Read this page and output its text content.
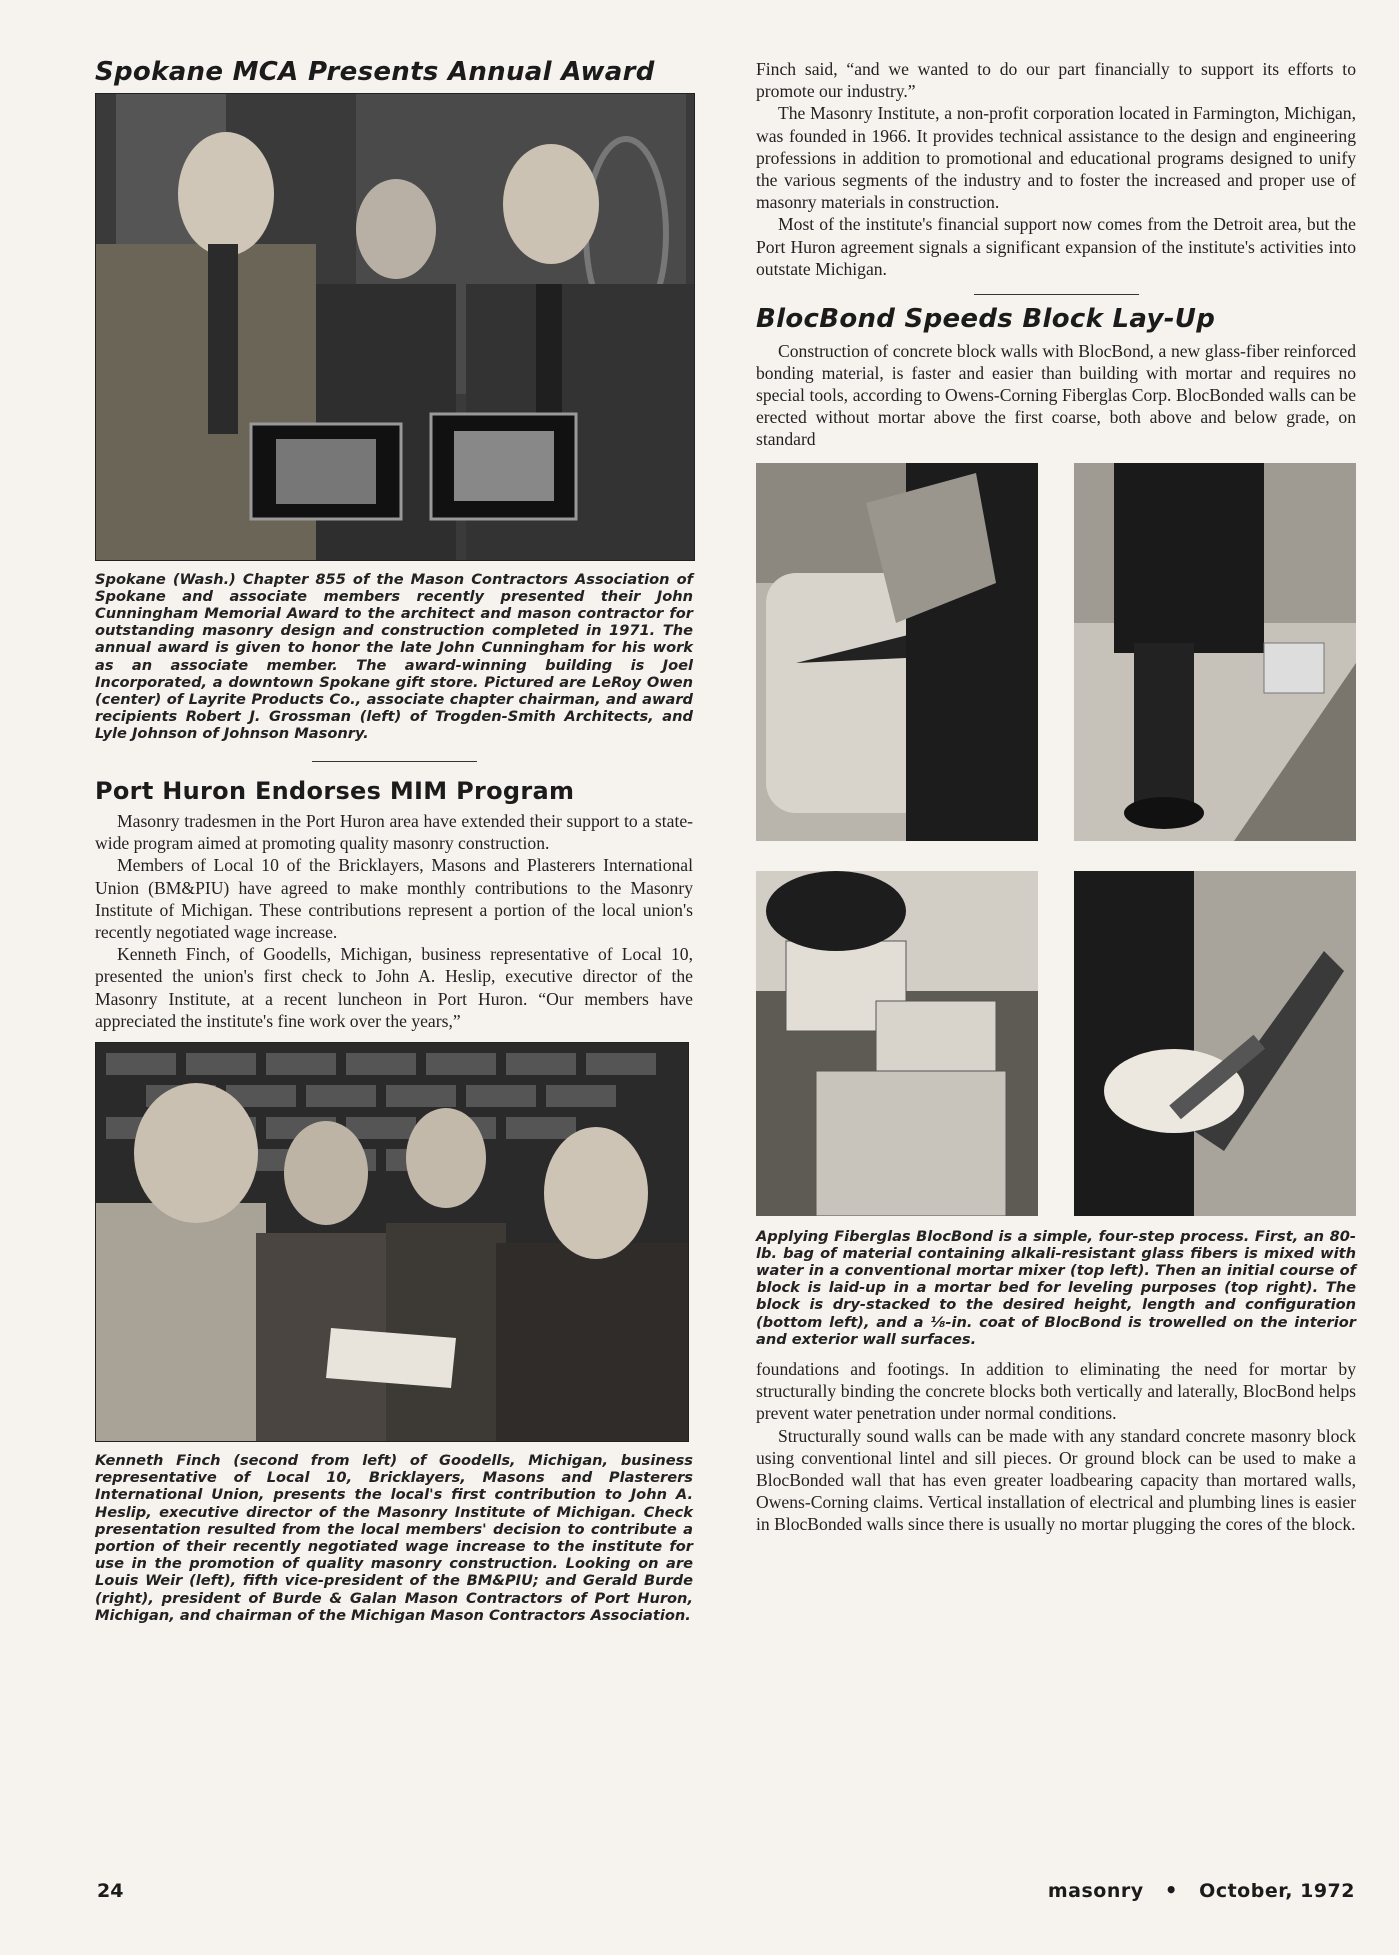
Spokane MCA Presents Annual Award

Spokane (Wash.) Chapter 855 of the Mason Contractors Association of Spokane and associate members recently presented their John Cunningham Memorial Award to the architect and mason contractor for outstanding masonry design and construction completed in 1971. The annual award is given to honor the late John Cunningham for his work as an associate member. The award-winning building is Joel Incorporated, a downtown Spokane gift store. Pictured are LeRoy Owen (center) of Layrite Products Co., associate chapter chairman, and award recipients Robert J. Grossman (left) of Trogden-Smith Architects, and Lyle Johnson of Johnson Masonry.

Port Huron Endorses MIM Program

Masonry tradesmen in the Port Huron area have extended their support to a state-wide program aimed at promoting quality masonry construction.

Members of Local 10 of the Bricklayers, Masons and Plasterers International Union (BM&PIU) have agreed to make monthly contributions to the Masonry Institute of Michigan. These contributions represent a portion of the local union's recently negotiated wage increase.

Kenneth Finch, of Goodells, Michigan, business representative of Local 10, presented the union's first check to John A. Heslip, executive director of the Masonry Institute, at a recent luncheon in Port Huron. “Our members have appreciated the institute's fine work over the years,”

Kenneth Finch (second from left) of Goodells, Michigan, business representative of Local 10, Bricklayers, Masons and Plasterers International Union, presents the local's first contribution to John A. Heslip, executive director of the Masonry Institute of Michigan. Check presentation resulted from the local members' decision to contribute a portion of their recently negotiated wage increase to the institute for use in the promotion of quality masonry construction. Looking on are Louis Weir (left), fifth vice-president of the BM&PIU; and Gerald Burde (right), president of Burde & Galan Mason Contractors of Port Huron, Michigan, and chairman of the Michigan Mason Contractors Association.

Finch said, “and we wanted to do our part financially to support its efforts to promote our industry.”

The Masonry Institute, a non-profit corporation located in Farmington, Michigan, was founded in 1966. It provides technical assistance to the design and engineering professions in addition to promotional and educational programs designed to unify the various segments of the industry and to foster the increased and proper use of masonry materials in construction.

Most of the institute's financial support now comes from the Detroit area, but the Port Huron agreement signals a significant expansion of the institute's activities into outstate Michigan.

BlocBond Speeds Block Lay-Up

Construction of concrete block walls with BlocBond, a new glass-fiber reinforced bonding material, is faster and easier than building with mortar and requires no special tools, according to Owens-Corning Fiberglas Corp. BlocBonded walls can be erected without mortar above the first coarse, both above and below grade, on standard

Applying Fiberglas BlocBond is a simple, four-step process. First, an 80-lb. bag of material containing alkali-resistant glass fibers is mixed with water in a conventional mortar mixer (top left). Then an initial course of block is laid-up in a mortar bed for leveling purposes (top right). The block is dry-stacked to the desired height, length and configuration (bottom left), and a ⅛-in. coat of BlocBond is trowelled on the interior and exterior wall surfaces.

foundations and footings. In addition to eliminating the need for mortar by structurally binding the concrete blocks both vertically and laterally, BlocBond helps prevent water penetration under normal conditions.

Structurally sound walls can be made with any standard concrete masonry block using conventional lintel and sill pieces. Or ground block can be used to make a BlocBonded wall that has even greater loadbearing capacity than mortared walls, Owens-Corning claims. Vertical installation of electrical and plumbing lines is easier in BlocBonded walls since there is usually no mortar plugging the cores of the block.

24	masonry • October, 1972
